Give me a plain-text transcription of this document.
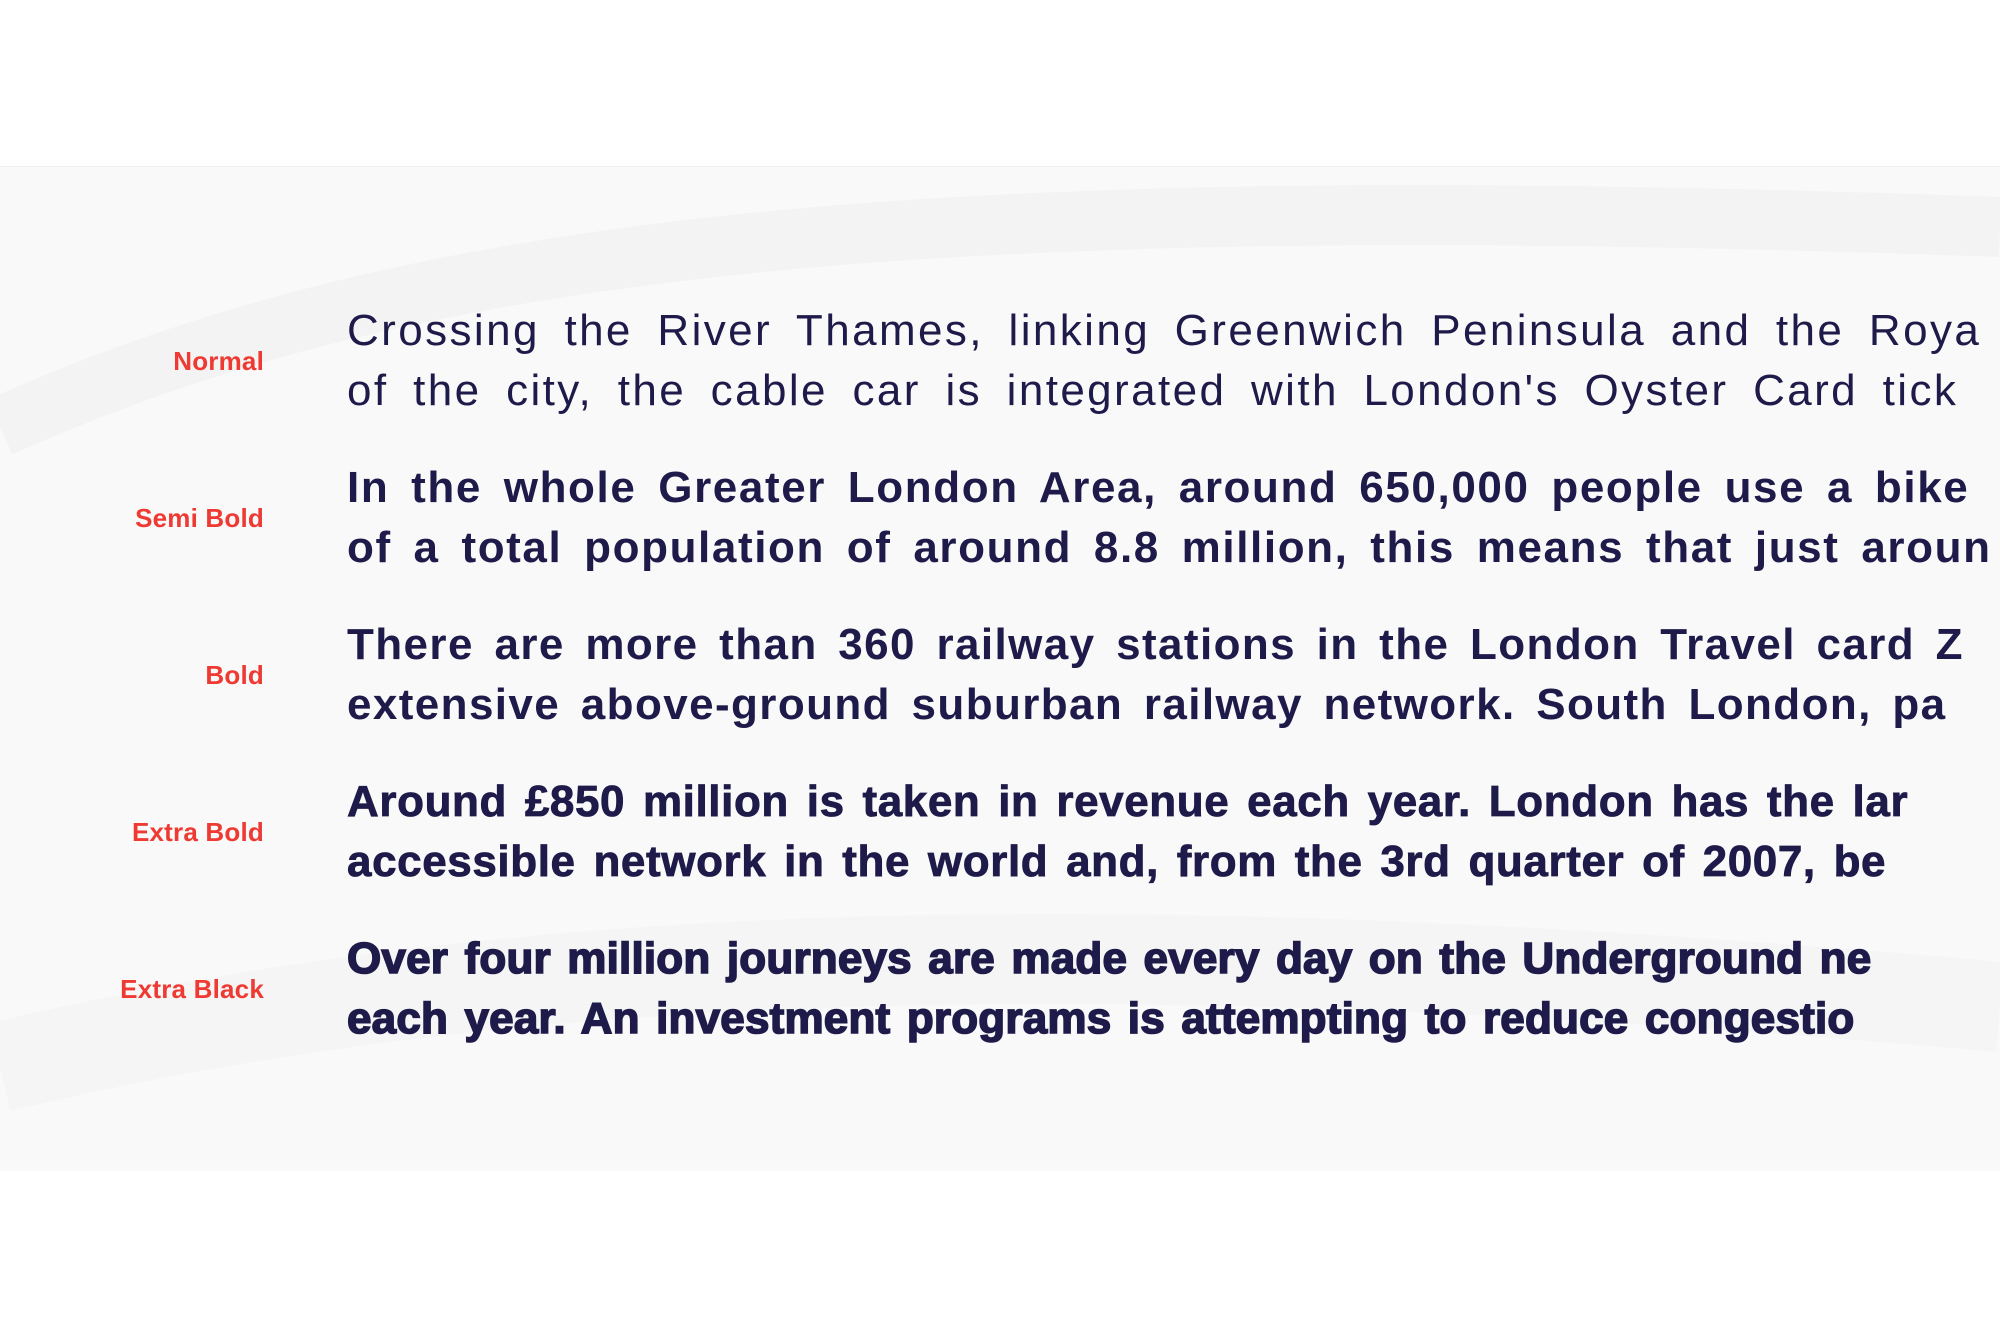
Normal
Crossing the River Thames, linking Greenwich Peninsula and the Roya
of the city, the cable car is integrated with London's Oyster Card tick
Semi Bold
In the whole Greater London Area, around 650,000 people use a bike
of a total population of around 8.8 million, this means that just aroun
Bold
There are more than 360 railway stations in the London Travel card Z
extensive above-ground suburban railway network. South London, pa
Extra Bold
Around £850 million is taken in revenue each year. London has the lar
accessible network in the world and, from the 3rd quarter of 2007, be
Extra Black
Over four million journeys are made every day on the Underground ne
each year. An investment programs is attempting to reduce congestio
